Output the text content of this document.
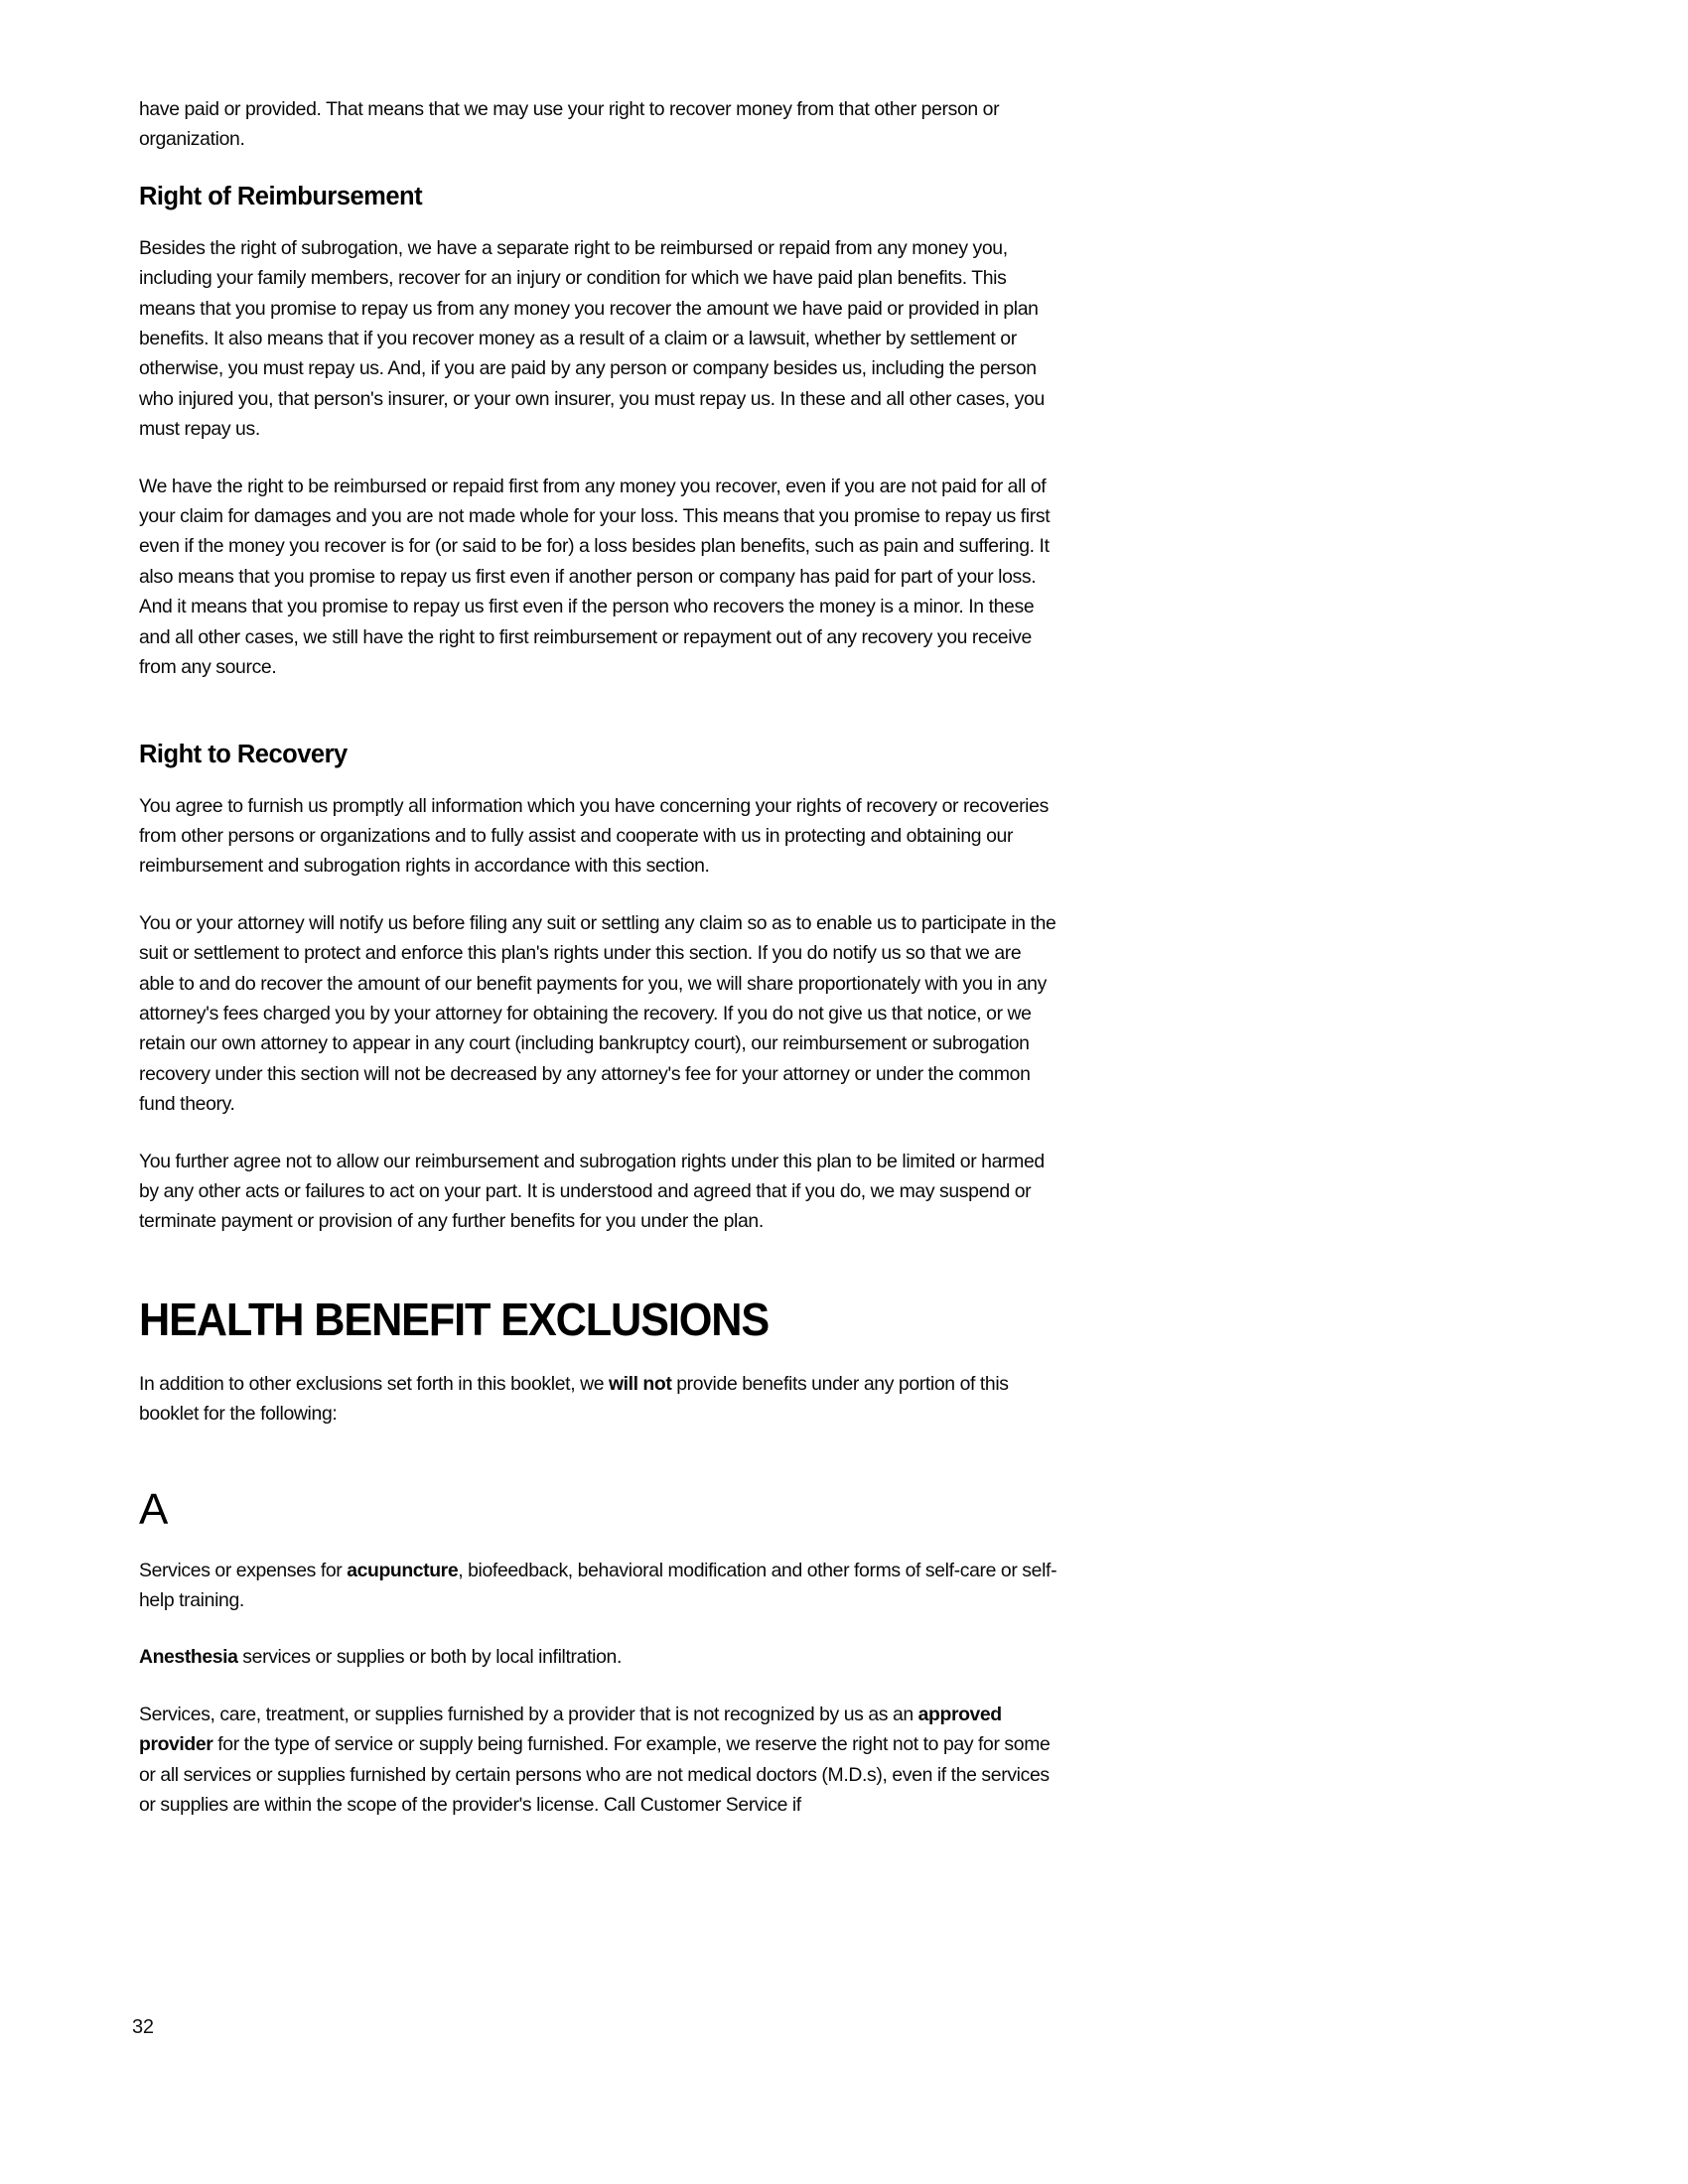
have paid or provided. That means that we may use your right to recover money from that other person or organization.

Right of Reimbursement

Besides the right of subrogation, we have a separate right to be reimbursed or repaid from any money you, including your family members, recover for an injury or condition for which we have paid plan benefits. This means that you promise to repay us from any money you recover the amount we have paid or provided in plan benefits. It also means that if you recover money as a result of a claim or a lawsuit, whether by settlement or otherwise, you must repay us. And, if you are paid by any person or company besides us, including the person who injured you, that person's insurer, or your own insurer, you must repay us. In these and all other cases, you must repay us.

We have the right to be reimbursed or repaid first from any money you recover, even if you are not paid for all of your claim for damages and you are not made whole for your loss. This means that you promise to repay us first even if the money you recover is for (or said to be for) a loss besides plan benefits, such as pain and suffering. It also means that you promise to repay us first even if another person or company has paid for part of your loss. And it means that you promise to repay us first even if the person who recovers the money is a minor. In these and all other cases, we still have the right to first reimbursement or repayment out of any recovery you receive from any source.

Right to Recovery

You agree to furnish us promptly all information which you have concerning your rights of recovery or recoveries from other persons or organizations and to fully assist and cooperate with us in protecting and obtaining our reimbursement and subrogation rights in accordance with this section.

You or your attorney will notify us before filing any suit or settling any claim so as to enable us to participate in the suit or settlement to protect and enforce this plan's rights under this section. If you do notify us so that we are able to and do recover the amount of our benefit payments for you, we will share proportionately with you in any attorney's fees charged you by your attorney for obtaining the recovery. If you do not give us that notice, or we retain our own attorney to appear in any court (including bankruptcy court), our reimbursement or subrogation recovery under this section will not be decreased by any attorney's fee for your attorney or under the common fund theory.

You further agree not to allow our reimbursement and subrogation rights under this plan to be limited or harmed by any other acts or failures to act on your part. It is understood and agreed that if you do, we may suspend or terminate payment or provision of any further benefits for you under the plan.

HEALTH BENEFIT EXCLUSIONS

In addition to other exclusions set forth in this booklet, we will not provide benefits under any portion of this booklet for the following:

A

Services or expenses for acupuncture, biofeedback, behavioral modification and other forms of self-care or self-help training.

Anesthesia services or supplies or both by local infiltration.

Services, care, treatment, or supplies furnished by a provider that is not recognized by us as an approved provider for the type of service or supply being furnished. For example, we reserve the right not to pay for some or all services or supplies furnished by certain persons who are not medical doctors (M.D.s), even if the services or supplies are within the scope of the provider's license. Call Customer Service if

32
